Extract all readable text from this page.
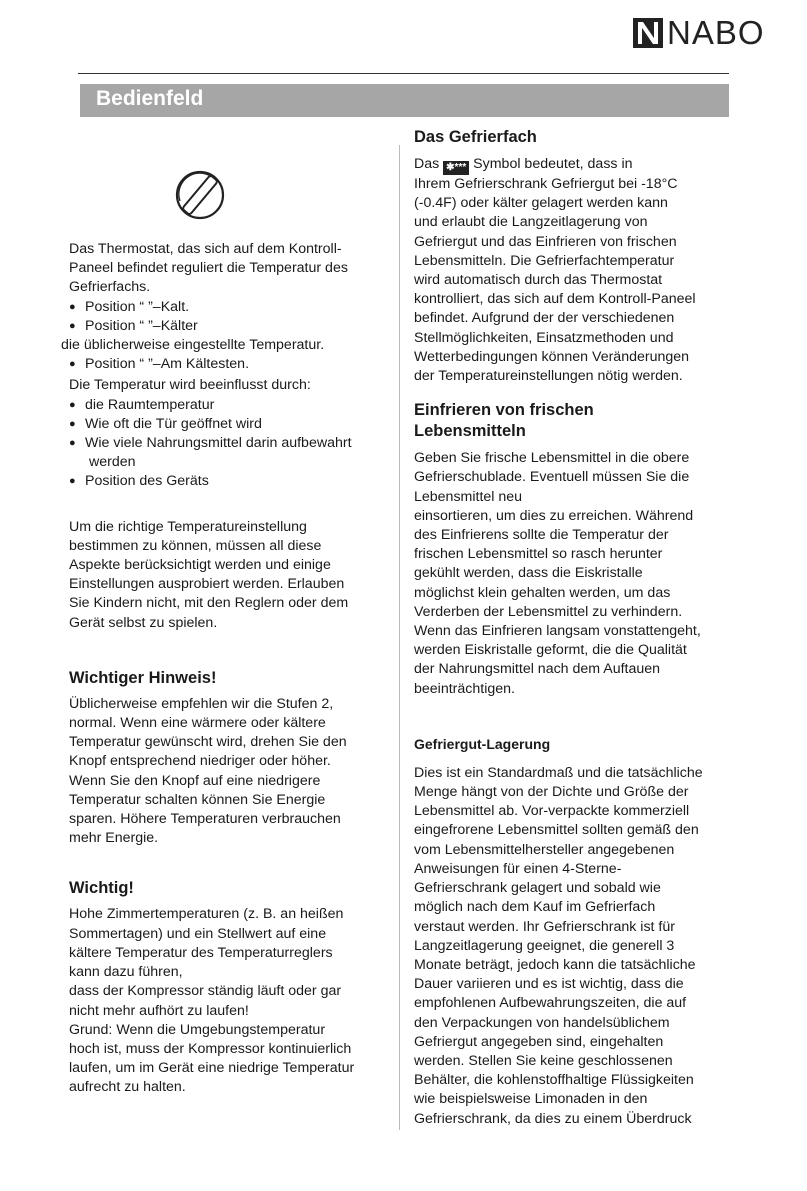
NABO
Bedienfeld

Das Thermostat, das sich auf dem Kontroll-

Paneel befindet reguliert die Temperatur des

Gefrierfachs.

● Position “ ”–Kalt.

● Position “ ”–Kälter

die üblicherweise eingestellte Temperatur.

● Position “ ”–Am Kältesten.

Die Temperatur wird beeinflusst durch:

● die Raumtemperatur

● Wie oft die Tür geöffnet wird

● Wie viele Nahrungsmittel darin aufbewahrt

werden

● Position des Geräts

Um die richtige Temperatureinstellung

bestimmen zu können, müssen all diese

Aspekte berücksichtigt werden und einige

Einstellungen ausprobiert werden. Erlauben

Sie Kindern nicht, mit den Reglern oder dem

Gerät selbst zu spielen.

Wichtiger Hinweis!

Üblicherweise empfehlen wir die Stufen 2,

normal. Wenn eine wärmere oder kältere

Temperatur gewünscht wird, drehen Sie den

Knopf entsprechend niedriger oder höher.

Wenn Sie den Knopf auf eine niedrigere

Temperatur schalten können Sie Energie

sparen. Höhere Temperaturen verbrauchen

mehr Energie.

Wichtig!

Hohe Zimmertemperaturen (z. B. an heißen

Sommertagen) und ein Stellwert auf eine

kältere Temperatur des Temperaturreglers

kann dazu führen,

dass der Kompressor ständig läuft oder gar

nicht mehr aufhört zu laufen!

Grund: Wenn die Umgebungstemperatur

hoch ist, muss der Kompressor kontinuierlich

laufen, um im Gerät eine niedrige Temperatur

aufrecht zu halten.

Das Gefrierfach

Das ✱*** Symbol bedeutet, dass in

Ihrem Gefrierschrank Gefriergut bei -18°C

(-0.4F) oder kälter gelagert werden kann

und erlaubt die Langzeitlagerung von

Gefriergut und das Einfrieren von frischen

Lebensmitteln. Die Gefrierfachtemperatur

wird automatisch durch das Thermostat

kontrolliert, das sich auf dem Kontroll-Paneel

befindet. Aufgrund der der verschiedenen

Stellmöglichkeiten, Einsatzmethoden und

Wetterbedingungen können Veränderungen

der Temperatureinstellungen nötig werden.

Einfrieren von frischen

Lebensmitteln

Geben Sie frische Lebensmittel in die obere

Gefrierschublade. Eventuell müssen Sie die

Lebensmittel neu

einsortieren, um dies zu erreichen. Während

des Einfrierens sollte die Temperatur der

frischen Lebensmittel so rasch herunter

gekühlt werden, dass die Eiskristalle

möglichst klein gehalten werden, um das

Verderben der Lebensmittel zu verhindern.

Wenn das Einfrieren langsam vonstattengeht,

werden Eiskristalle geformt, die die Qualität

der Nahrungsmittel nach dem Auftauen

beeinträchtigen.

Gefriergut-Lagerung

Dies ist ein Standardmaß und die tatsächliche

Menge hängt von der Dichte und Größe der

Lebensmittel ab. Vor-verpackte kommerziell

eingefrorene Lebensmittel sollten gemäß den

vom Lebensmittelhersteller angegebenen

Anweisungen für einen 4-Sterne-

Gefrierschrank gelagert und sobald wie

möglich nach dem Kauf im Gefrierfach

verstaut werden. Ihr Gefrierschrank ist für

Langzeitlagerung geeignet, die generell 3

Monate beträgt, jedoch kann die tatsächliche

Dauer variieren und es ist wichtig, dass die

empfohlenen Aufbewahrungszeiten, die auf

den Verpackungen von handelsüblichem

Gefriergut angegeben sind, eingehalten

werden. Stellen Sie keine geschlossenen

Behälter, die kohlenstoffhaltige Flüssigkeiten

wie beispielsweise Limonaden in den

Gefrierschrank, da dies zu einem Überdruck
